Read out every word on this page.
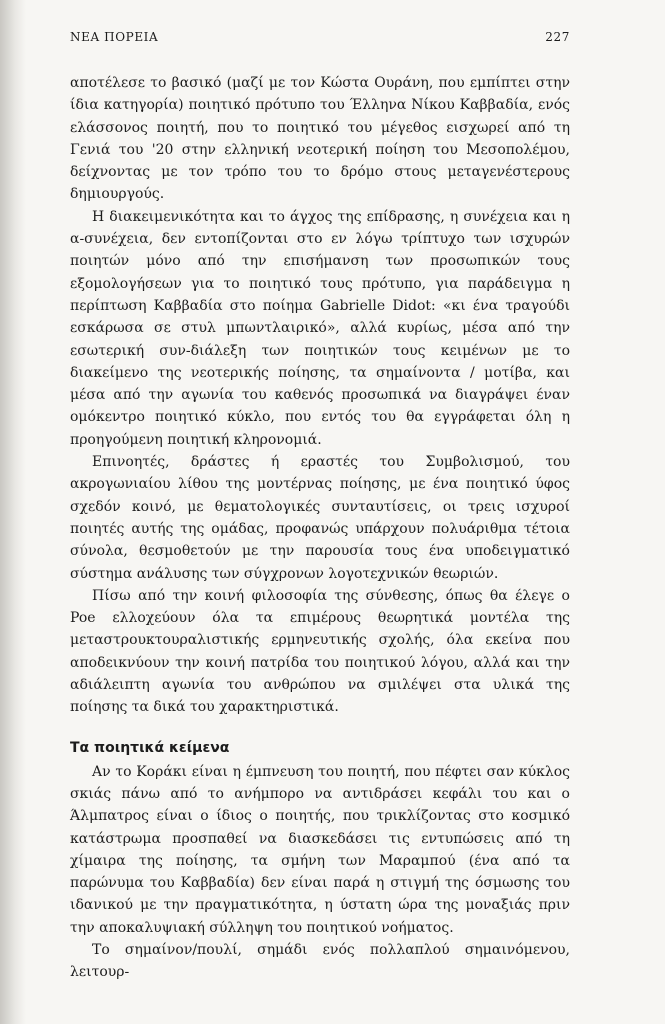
ΝΕΑ ΠΟΡΕΙΑ	227

αποτέλεσε το βασικό (μαζί με τον Κώστα Ουράνη, που εμπίπτει στην ίδια κατηγορία) ποιητικό πρότυπο του Έλληνα Νίκου Καββαδία, ενός ελάσσονος ποιητή, που το ποιητικό του μέγεθος εισχωρεί από τη Γενιά του '20 στην ελληνική νεοτερική ποίηση του Μεσοπολέμου, δείχνοντας με τον τρόπο του το δρόμο στους μεταγενέστερους δημιουργούς.

Η διακειμενικότητα και το άγχος της επίδρασης, η συνέχεια και η α-συνέχεια, δεν εντοπίζονται στο εν λόγω τρίπτυχο των ισχυρών ποιητών μόνο από την επισήμανση των προσωπικών τους εξομολογήσεων για το ποιητικό τους πρότυπο, για παράδειγμα η περίπτωση Καββαδία στο ποίημα Gabrielle Didot: «κι ένα τραγούδι εσκάρωσα σε στυλ μπωντλαιρικό», αλλά κυρίως, μέσα από την εσωτερική συν-διάλεξη των ποιητικών τους κειμένων με το διακείμενο της νεοτερικής ποίησης, τα σημαίνοντα / μοτίβα, και μέσα από την αγωνία του καθενός προσωπικά να διαγράψει έναν ομόκεντρο ποιητικό κύκλο, που εντός του θα εγγράφεται όλη η προηγούμενη ποιητική κληρονομιά.

Επινοητές, δράστες ή εραστές του Συμβολισμού, του ακρογωνιαίου λίθου της μοντέρνας ποίησης, με ένα ποιητικό ύφος σχεδόν κοινό, με θεματολογικές συνταυτίσεις, οι τρεις ισχυροί ποιητές αυτής της ομάδας, προφανώς υπάρχουν πολυάριθμα τέτοια σύνολα, θεσμοθετούν με την παρουσία τους ένα υποδειγματικό σύστημα ανάλυσης των σύγχρονων λογοτεχνικών θεωριών.

Πίσω από την κοινή φιλοσοφία της σύνθεσης, όπως θα έλεγε ο Poe ελλοχεύουν όλα τα επιμέρους θεωρητικά μοντέλα της μεταστρουκτουραλιστικής ερμηνευτικής σχολής, όλα εκείνα που αποδεικνύουν την κοινή πατρίδα του ποιητικού λόγου, αλλά και την αδιάλειπτη αγωνία του ανθρώπου να σμιλέψει στα υλικά της ποίησης τα δικά του χαρακτηριστικά.

Τα ποιητικά κείμενα

Αν το Κοράκι είναι η έμπνευση του ποιητή, που πέφτει σαν κύκλος σκιάς πάνω από το ανήμπορο να αντιδράσει κεφάλι του και ο Άλμπατρος είναι ο ίδιος ο ποιητής, που τρικλίζοντας στο κοσμικό κατάστρωμα προσπαθεί να διασκεδάσει τις εντυπώσεις από τη χίμαιρα της ποίησης, τα σμήνη των Μαραμπού (ένα από τα παρώνυμα του Καββαδία) δεν είναι παρά η στιγμή της όσμωσης του ιδανικού με την πραγματικότητα, η ύστατη ώρα της μοναξιάς πριν την αποκαλυψιακή σύλληψη του ποιητικού νοήματος.

Το σημαίνον/πουλί, σημάδι ενός πολλαπλού σημαινόμενου, λειτουρ-
